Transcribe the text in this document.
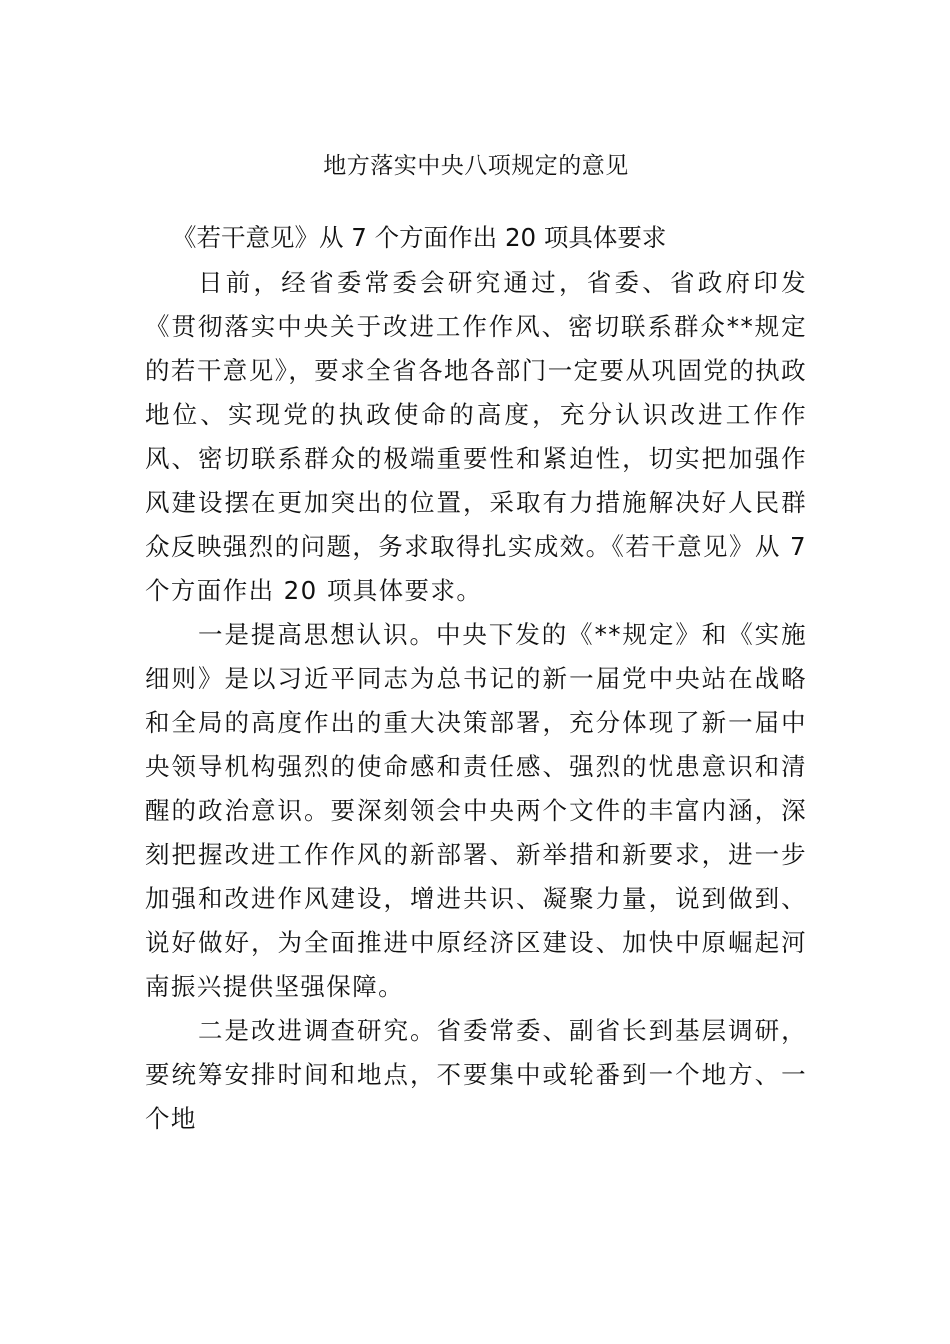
地方落实中央八项规定的意见
《若干意见》从 7 个方面作出 20 项具体要求

日前，经省委常委会研究通过，省委、省政府印发《贯彻落实中央关于改进工作作风、密切联系群众**规定的若干意见》，要求全省各地各部门一定要从巩固党的执政地位、实现党的执政使命的高度，充分认识改进工作作风、密切联系群众的极端重要性和紧迫性，切实把加强作风建设摆在更加突出的位置，采取有力措施解决好人民群众反映强烈的问题，务求取得扎实成效。《若干意见》从 7 个方面作出 20 项具体要求。

一是提高思想认识。中央下发的《**规定》和《实施细则》是以习近平同志为总书记的新一届党中央站在战略和全局的高度作出的重大决策部署，充分体现了新一届中央领导机构强烈的使命感和责任感、强烈的忧患意识和清醒的政治意识。要深刻领会中央两个文件的丰富内涵，深刻把握改进工作作风的新部署、新举措和新要求，进一步加强和改进作风建设，增进共识、凝聚力量，说到做到、说好做好，为全面推进中原经济区建设、加快中原崛起河南振兴提供坚强保障。

二是改进调查研究。省委常委、副省长到基层调研，要统筹安排时间和地点，不要集中或轮番到一个地方、一个地
